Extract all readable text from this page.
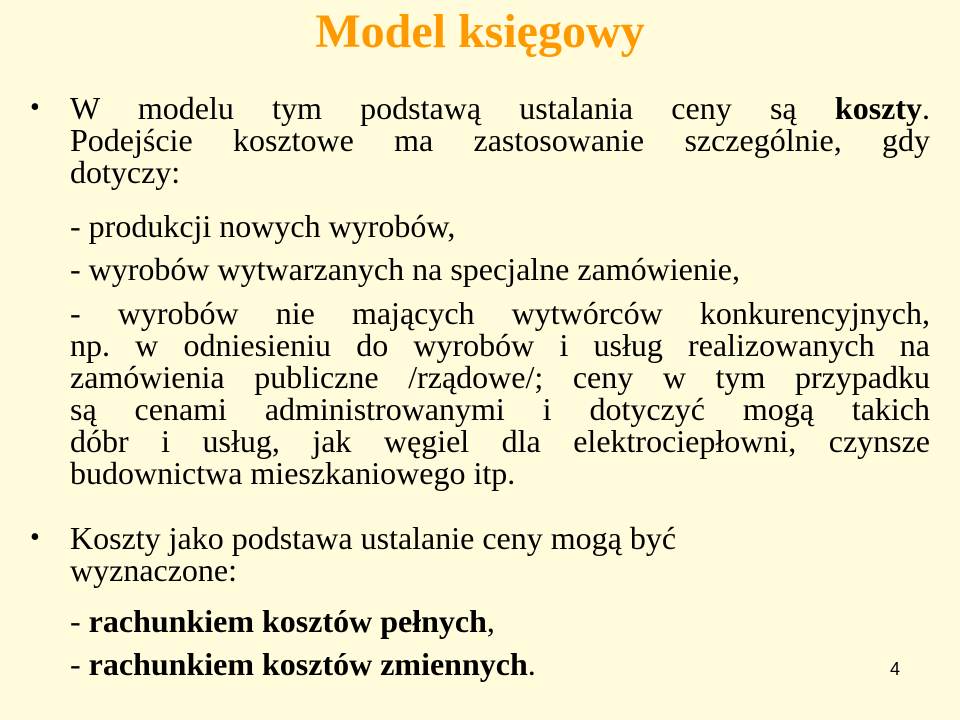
Model księgowy
• W modelu tym podstawą ustalania ceny są koszty.
Podejście kosztowe ma zastosowanie szczególnie, gdy
dotyczy:
- produkcji nowych wyrobów,
- wyrobów wytwarzanych na specjalne zamówienie,
- wyrobów nie mających wytwórców konkurencyjnych,
np. w odniesieniu do wyrobów i usług realizowanych na
zamówienia publiczne /rządowe/; ceny w tym przypadku
są cenami administrowanymi i dotyczyć mogą takich
dóbr i usług, jak węgiel dla elektrociepłowni, czynsze
budownictwa mieszkaniowego itp.
• Koszty jako podstawa ustalanie ceny mogą być
wyznaczone:
- rachunkiem kosztów pełnych,
- rachunkiem kosztów zmiennych.	4
